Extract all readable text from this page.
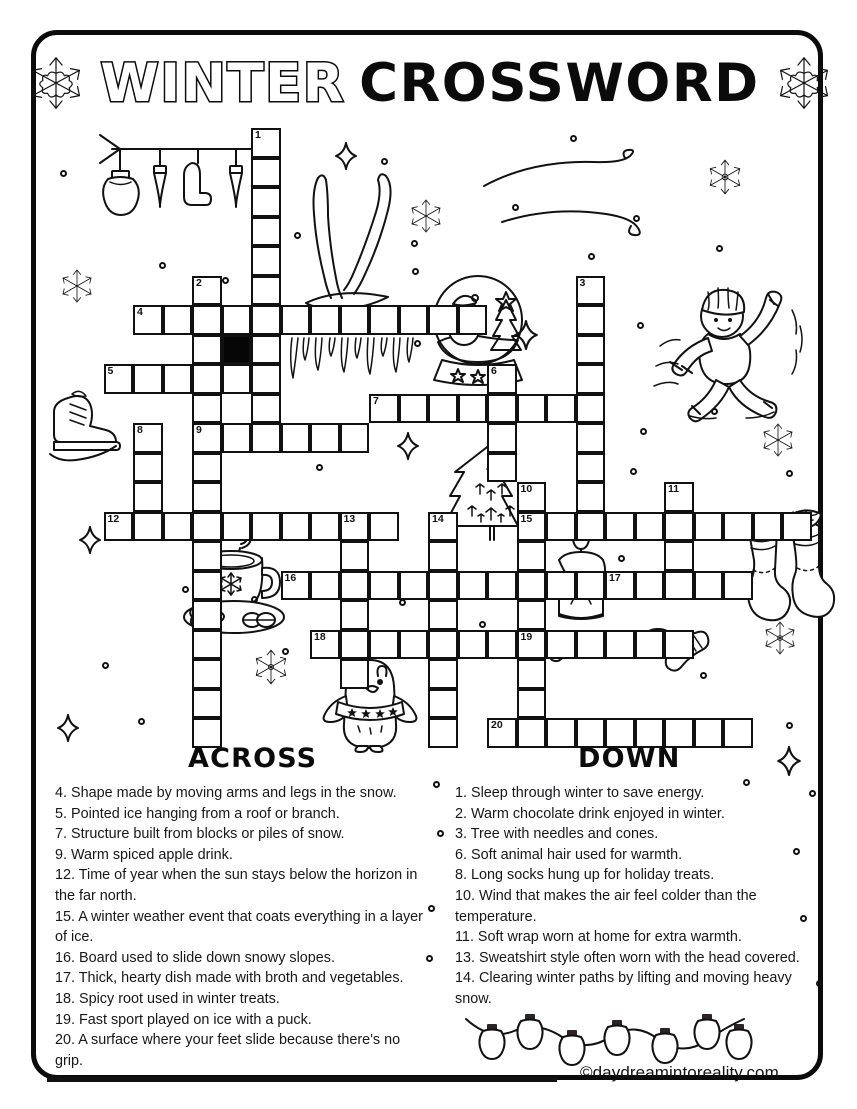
WINTER CROSSWORD
1
2
9
3
4
5	6
7
8
10
15
19
11
12	13	14
16	17
18
20
ACROSS	DOWN

4. Shape made by moving arms and legs in the snow.

5. Pointed ice hanging from a roof or branch.

7. Structure built from blocks or piles of snow.

9. Warm spiced apple drink.

12. Time of year when the sun stays below the horizon in the far north.

15. A winter weather event that coats everything in a layer of ice.

16. Board used to slide down snowy slopes.

17. Thick, hearty dish made with broth and vegetables.

18. Spicy root used in winter treats.

19. Fast sport played on ice with a puck.

20. A surface where your feet slide because there's no grip.

1. Sleep through winter to save energy.

2. Warm chocolate drink enjoyed in winter.

3. Tree with needles and cones.

6. Soft animal hair used for warmth.

8. Long socks hung up for holiday treats.

10. Wind that makes the air feel colder than the temperature.

11. Soft wrap worn at home for extra warmth.

13. Sweatshirt style often worn with the head covered.

14. Clearing winter paths by lifting and moving heavy snow.

©daydreamintoreality.com
